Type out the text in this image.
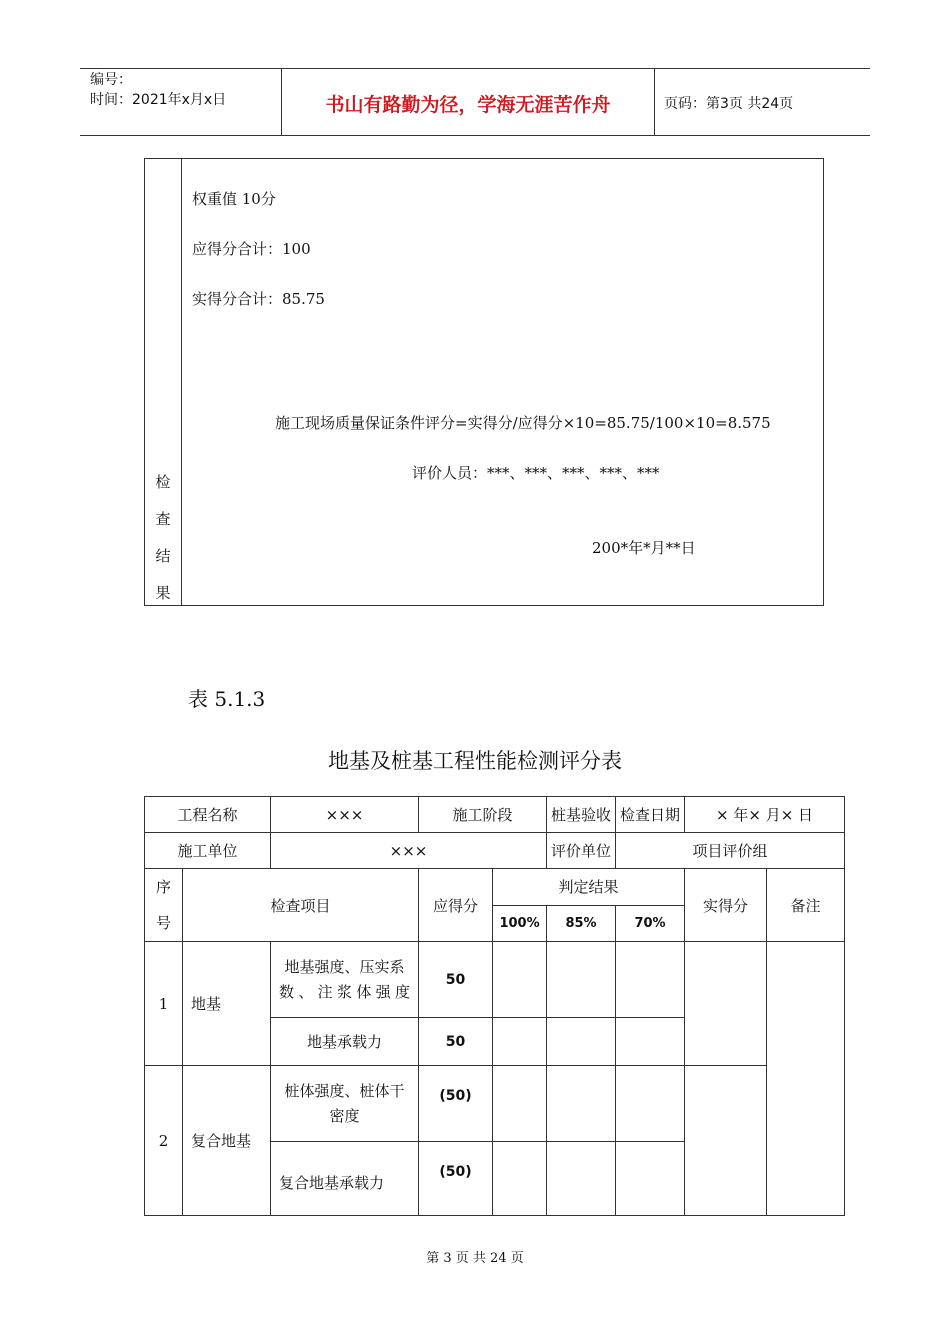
编号：
时间：2021年x月x日	书山有路勤为径，学海无涯苦作舟	页码：第3页 共24页
检
查
结
果
权重值 10分
应得分合计：100
实得分合计：85.75
施工现场质量保证条件评分=实得分/应得分×10=85.75/100×10=8.575
评价人员：***、***、***、***、***
200*年*月**日
表 5.1.3
地基及桩基工程性能检测评分表
工程名称		×××	施工阶段		桩基验收	检查日期	× 年× 月× 日	
施工单位		×××			评价单位	项目评价组		

序
号	检查项目		应得分	判定结果			实得分	备注
				100%	85%	70%		
1	地基	地基强度、压实系数、注浆体强度	50					
		地基承载力	50					
2	复合地基	桩体强度、桩体干密度	(50)					
		复合地基承载力	(50)					
第 3 页 共 24 页
